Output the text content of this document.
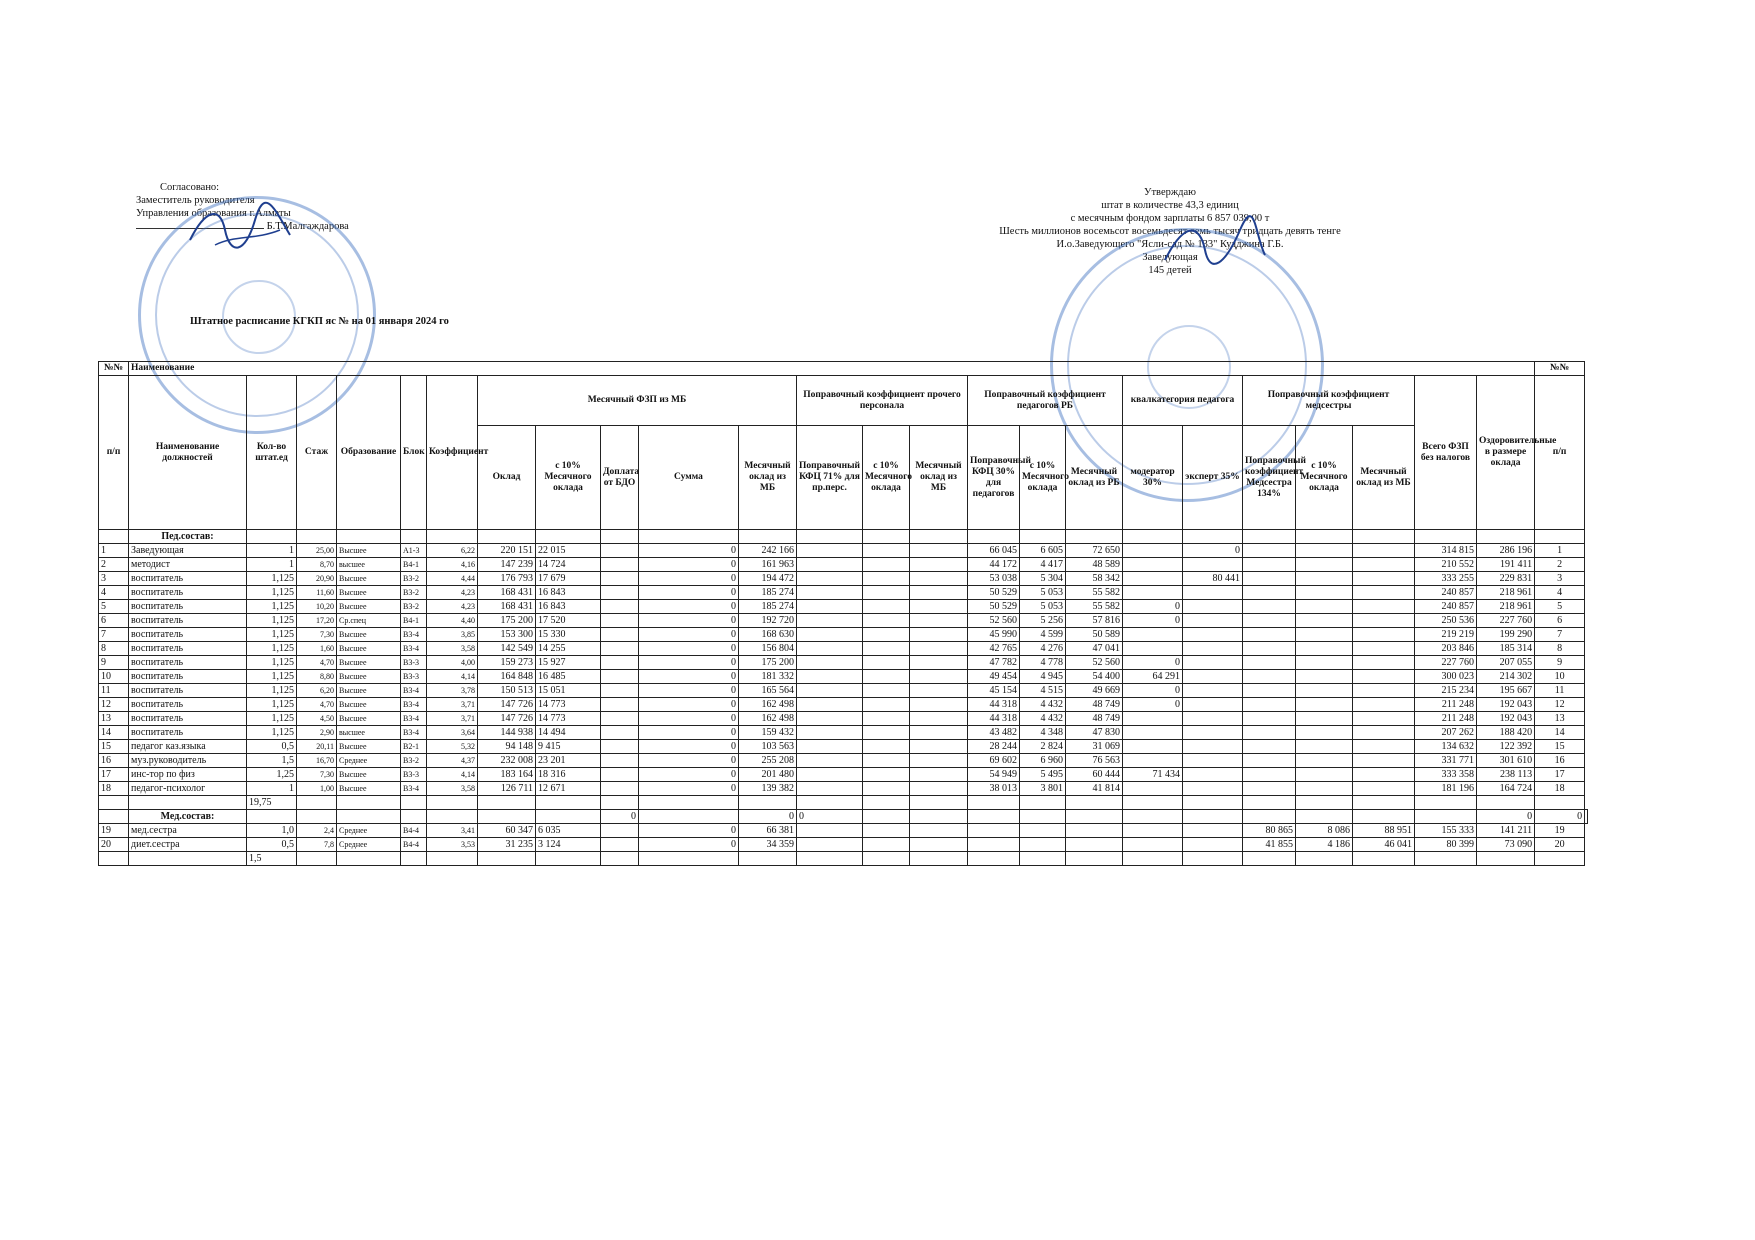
Согласовано:
Заместитель руководителя
Управления образования г.Алматы
Б.Т.Малгаждарова
Утверждаю
штат в количестве 43,3 единиц
с месячным фондом зарплаты 6 857 039,00 т
Шесть миллионов восемьсот восемьдесят семь тысяч тридцать девять тенге
И.о.Заведующего "Ясли-сад № 133" Кудджина Г.Б.
Заведующая
145 детей
Штатное расписание КГКП яс № на 01 января 2024 го
№№	Наименование																								№№	
п/п	Наименование должностей	Кол-во штат.ед	Стаж	Образование	Блок	Коэффициент	Месячный ФЗП из МБ					Поправочный коэффициент прочего персонала			Поправочный коэффициент педагогов РБ			квалкатегория педагога		Поправочный коэффициент медсестры			Всего ФЗП без налогов	Оздоровительные в размере оклада	п/п	
							Оклад	с 10% Месячного оклада	Доплата от БДО	Сумма	Месячный оклад из МБ	Поправочный КФЦ 71% для пр.перс.	с 10% Месячного оклада	Месячный оклад из МБ	Поправочный КФЦ 30% для педагогов	с 10% Месячного оклада	Месячный оклад из РБ	модератор 30%	эксперт 35%	Поправочный коэффициент Медсестра 134%	с 10% Месячного оклада	Месячный оклад из МБ				
	Пед.состав:																									
1	Заведующая	1	25,00	Высшее	А1-3	6,22	220 151	22 015		0	242 166				66 045	6 605	72 650		0				314 815	286 196	1	
2	методист	1	8,70	высшее	В4-1	4,16	147 239	14 724		0	161 963				44 172	4 417	48 589						210 552	191 411	2	
3	воспитатель	1,125	20,90	Высшее	В3-2	4,44	176 793	17 679		0	194 472				53 038	5 304	58 342		80 441				333 255	229 831	3	
4	воспитатель	1,125	11,60	Высшее	В3-2	4,23	168 431	16 843		0	185 274				50 529	5 053	55 582						240 857	218 961	4	
5	воспитатель	1,125	10,20	Высшее	В3-2	4,23	168 431	16 843		0	185 274				50 529	5 053	55 582	0					240 857	218 961	5	
6	воспитатель	1,125	17,20	Ср.спец	В4-1	4,40	175 200	17 520		0	192 720				52 560	5 256	57 816	0					250 536	227 760	6	
7	воспитатель	1,125	7,30	Высшее	В3-4	3,85	153 300	15 330		0	168 630				45 990	4 599	50 589						219 219	199 290	7	
8	воспитатель	1,125	1,60	Высшее	В3-4	3,58	142 549	14 255		0	156 804				42 765	4 276	47 041						203 846	185 314	8	
9	воспитатель	1,125	4,70	Высшее	В3-3	4,00	159 273	15 927		0	175 200				47 782	4 778	52 560	0					227 760	207 055	9	
10	воспитатель	1,125	8,80	Высшее	В3-3	4,14	164 848	16 485		0	181 332				49 454	4 945	54 400	64 291					300 023	214 302	10	
11	воспитатель	1,125	6,20	Высшее	В3-4	3,78	150 513	15 051		0	165 564				45 154	4 515	49 669	0					215 234	195 667	11	
12	воспитатель	1,125	4,70	Высшее	В3-4	3,71	147 726	14 773		0	162 498				44 318	4 432	48 749	0					211 248	192 043	12	
13	воспитатель	1,125	4,50	Высшее	В3-4	3,71	147 726	14 773		0	162 498				44 318	4 432	48 749						211 248	192 043	13	
14	воспитатель	1,125	2,90	высшее	В3-4	3,64	144 938	14 494		0	159 432				43 482	4 348	47 830						207 262	188 420	14	
15	педагог каз.языка	0,5	20,11	Высшее	В2-1	5,32	94 148	9 415		0	103 563				28 244	2 824	31 069						134 632	122 392	15	
16	муз.руководитель	1,5	16,70	Среднее	В3-2	4,37	232 008	23 201		0	255 208				69 602	6 960	76 563						331 771	301 610	16	
17	инс-тор по физ	1,25	7,30	Высшее	В3-3	4,14	183 164	18 316		0	201 480				54 949	5 495	60 444	71 434					333 358	238 113	17	
18	педагог-психолог	1	1,00	Высшее	В3-4	3,58	126 711	12 671		0	139 382				38 013	3 801	41 814						181 196	164 724	18	
		19,75																								
	Мед.состав:								0		0	0												0	0	
19	мед.сестра	1,0	2,4	Среднее	В4-4	3,41	60 347	6 035		0	66 381									80 865	8 086	88 951	155 333	141 211	19	
20	диет.сестра	0,5	7,8	Среднее	В4-4	3,53	31 235	3 124		0	34 359									41 855	4 186	46 041	80 399	73 090	20	
		1,5																								
